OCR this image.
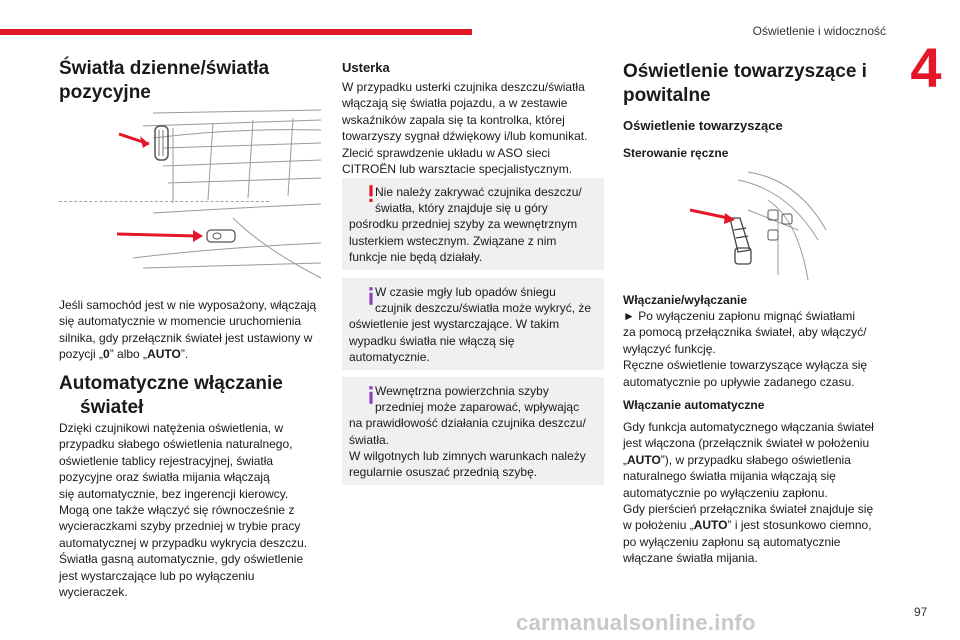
Oświetlenie i widoczność
4
Światła dzienne/światła
pozycyjne

Jeśli samochód jest w nie wyposażony, włączają
się automatycznie w momencie uruchomienia
silnika, gdy przełącznik świateł jest ustawiony w
pozycji „0” albo „AUTO”.

Automatyczne włączanie
świateł

Dzięki czujnikowi natężenia oświetlenia, w
przypadku słabego oświetlenia naturalnego,
oświetlenie tablicy rejestracyjnej, światła
pozycyjne oraz światła mijania włączają
się automatycznie, bez ingerencji kierowcy.
Mogą one także włączyć się równocześnie z
wycieraczkami szyby przedniej w trybie pracy
automatycznej w przypadku wykrycia deszczu.
Światła gasną automatycznie, gdy oświetlenie
jest wystarczające lub po wyłączeniu
wycieraczek.

Usterka

W przypadku usterki czujnika deszczu/światła
włączają się światła pojazdu, a w zestawie
wskaźników zapala się ta kontrolka, której
towarzyszy sygnał dźwiękowy i/lub komunikat.
Zlecić sprawdzenie układu w ASO sieci
CITROËN lub warsztacie specjalistycznym.

Nie należy zakrywać czujnika deszczu/
światła, który znajduje się u góry
pośrodku przedniej szyby za wewnętrznym
lusterkiem wstecznym. Związane z nim
funkcje nie będą działały.
W czasie mgły lub opadów śniegu
czujnik deszczu/światła może wykryć, że
oświetlenie jest wystarczające. W takim
wypadku światła nie włączą się
automatycznie.
Wewnętrzna powierzchnia szyby
przedniej może zaparować, wpływając
na prawidłowość działania czujnika deszczu/
światła.
W wilgotnych lub zimnych warunkach należy
regularnie osuszać przednią szybę.
Oświetlenie towarzyszące i
powitalne
Oświetlenie towarzyszące
Sterowanie ręczne
Włączanie/wyłączanie

► Po wyłączeniu zapłonu mignąć światłami
za pomocą przełącznika świateł, aby włączyć/
wyłączyć funkcję.
Ręczne oświetlenie towarzyszące wyłącza się
automatycznie po upływie zadanego czasu.

Włączanie automatyczne

Gdy funkcja automatycznego włączania świateł
jest włączona (przełącznik świateł w położeniu
„AUTO”), w przypadku słabego oświetlenia
naturalnego światła mijania włączają się
automatycznie po wyłączeniu zapłonu.
Gdy pierścień przełącznika świateł znajduje się
w położeniu „AUTO” i jest stosunkowo ciemno,
po wyłączeniu zapłonu są automatycznie
włączane światła mijania.

carmanualsonline.info	97
